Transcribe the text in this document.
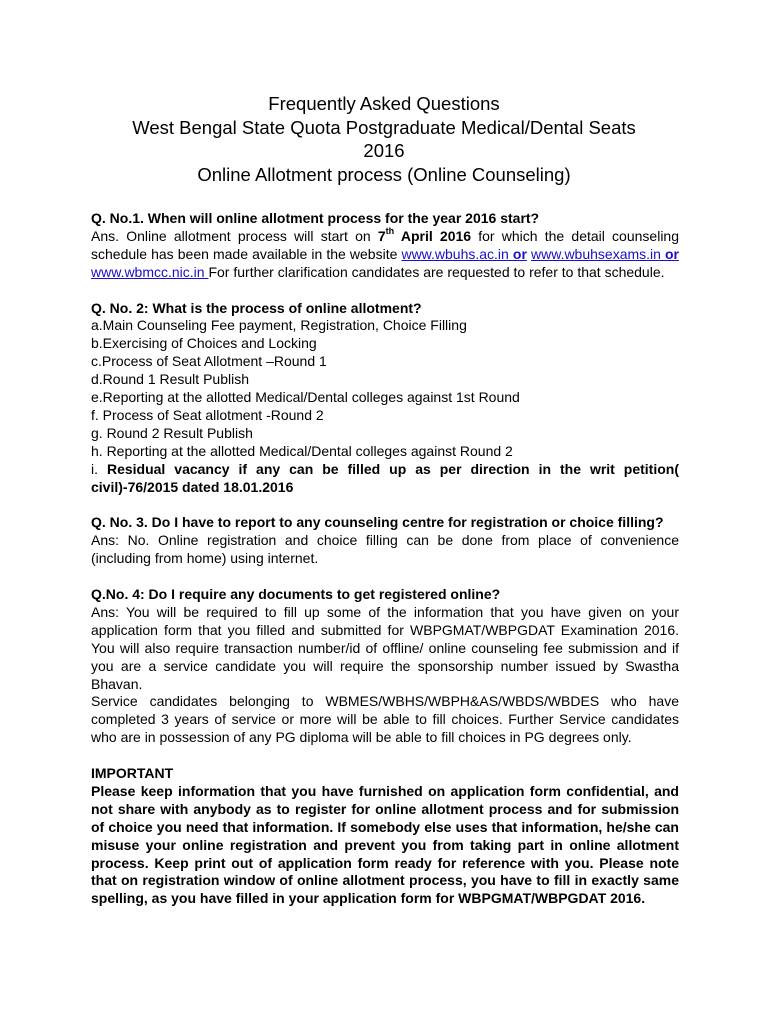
Frequently Asked Questions
West Bengal State Quota Postgraduate Medical/Dental Seats
2016
Online Allotment process (Online Counseling)

Q. No.1. When will online allotment process for the year 2016 start?

Ans. Online allotment process will start on 7th April 2016 for which the detail counseling schedule has been made available in the website www.wbuhs.ac.in or www.wbuhsexams.in or www.wbmcc.nic.in For further clarification candidates are requested to refer to that schedule.

Q. No. 2: What is the process of online allotment?

a.Main Counseling Fee payment, Registration, Choice Filling
b.Exercising of Choices and Locking
c.Process of Seat Allotment –Round 1
d.Round 1 Result Publish
e.Reporting at the allotted Medical/Dental colleges against 1st Round
f. Process of Seat allotment -Round 2
g. Round 2 Result Publish
h. Reporting at the allotted Medical/Dental colleges against Round 2

i. Residual vacancy if any can be filled up as per direction in the writ petition( civil)-76/2015 dated 18.01.2016

Q. No. 3. Do I have to report to any counseling centre for registration or choice filling?

Ans: No. Online registration and choice filling can be done from place of convenience (including from home) using internet.

Q.No. 4: Do I require any documents to get registered online?

Ans: You will be required to fill up some of the information that you have given on your application form that you filled and submitted for WBPGMAT/WBPGDAT Examination 2016. You will also require transaction number/id of offline/ online counseling fee submission and if you are a service candidate you will require the sponsorship number issued by Swastha Bhavan.

Service candidates belonging to WBMES/WBHS/WBPH&AS/WBDS/WBDES who have completed 3 years of service or more will be able to fill choices. Further Service candidates who are in possession of any PG diploma will be able to fill choices in PG degrees only.

IMPORTANT

Please keep information that you have furnished on application form confidential, and not share with anybody as to register for online allotment process and for submission of choice you need that information. If somebody else uses that information, he/she can misuse your online registration and prevent you from taking part in online allotment process. Keep print out of application form ready for reference with you. Please note that on registration window of online allotment process, you have to fill in exactly same spelling, as you have filled in your application form for WBPGMAT/WBPGDAT 2016.
